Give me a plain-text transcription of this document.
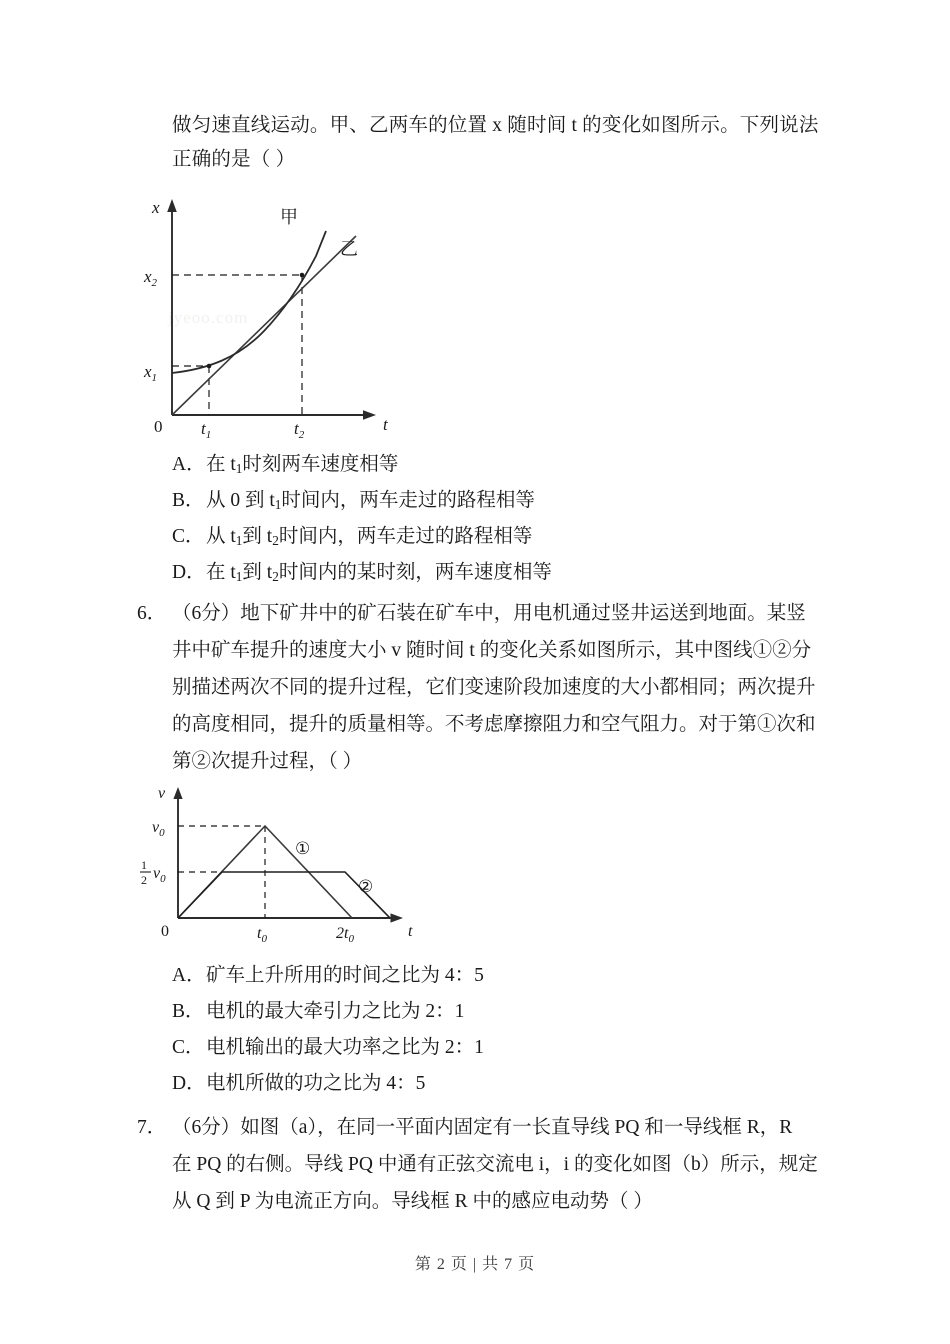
做匀速直线运动。甲、乙两车的位置 x 随时间 t 的变化如图所示。下列说法
正确的是（ ）
jyeoo.com
x
t
0
$x_2$
$x_1$
$t_1$	$t_2$
甲
乙
A．在 $t_1$时刻两车速度相等
B．从 0 到 $t_1$时间内，两车走过的路程相等
C．从 $t_1$到 $t_2$时间内，两车走过的路程相等
D．在 $t_1$到 $t_2$时间内的某时刻，两车速度相等
6． （6分）地下矿井中的矿石装在矿车中，用电机通过竖井运送到地面。某竖
井中矿车提升的速度大小 v 随时间 t 的变化关系如图所示，其中图线①②分
别描述两次不同的提升过程，它们变速阶段加速度的大小都相同；两次提升
的高度相同，提升的质量相等。不考虑摩擦阻力和空气阻力。对于第①次和
第②次提升过程，（ ）
v
t
0
$v_0$
1
2 $v_0$
$t_0$	$2t_0$
①
②
A．矿车上升所用的时间之比为 4：5
B．电机的最大牵引力之比为 2：1
C．电机输出的最大功率之比为 2：1
D．电机所做的功之比为 4：5
7． （6分）如图（a），在同一平面内固定有一长直导线 PQ 和一导线框 R，R
在 PQ 的右侧。导线 PQ 中通有正弦交流电 i，i 的变化如图（b）所示，规定
从 Q 到 P 为电流正方向。导线框 R 中的感应电动势（ ）
第 2 页 | 共 7 页
